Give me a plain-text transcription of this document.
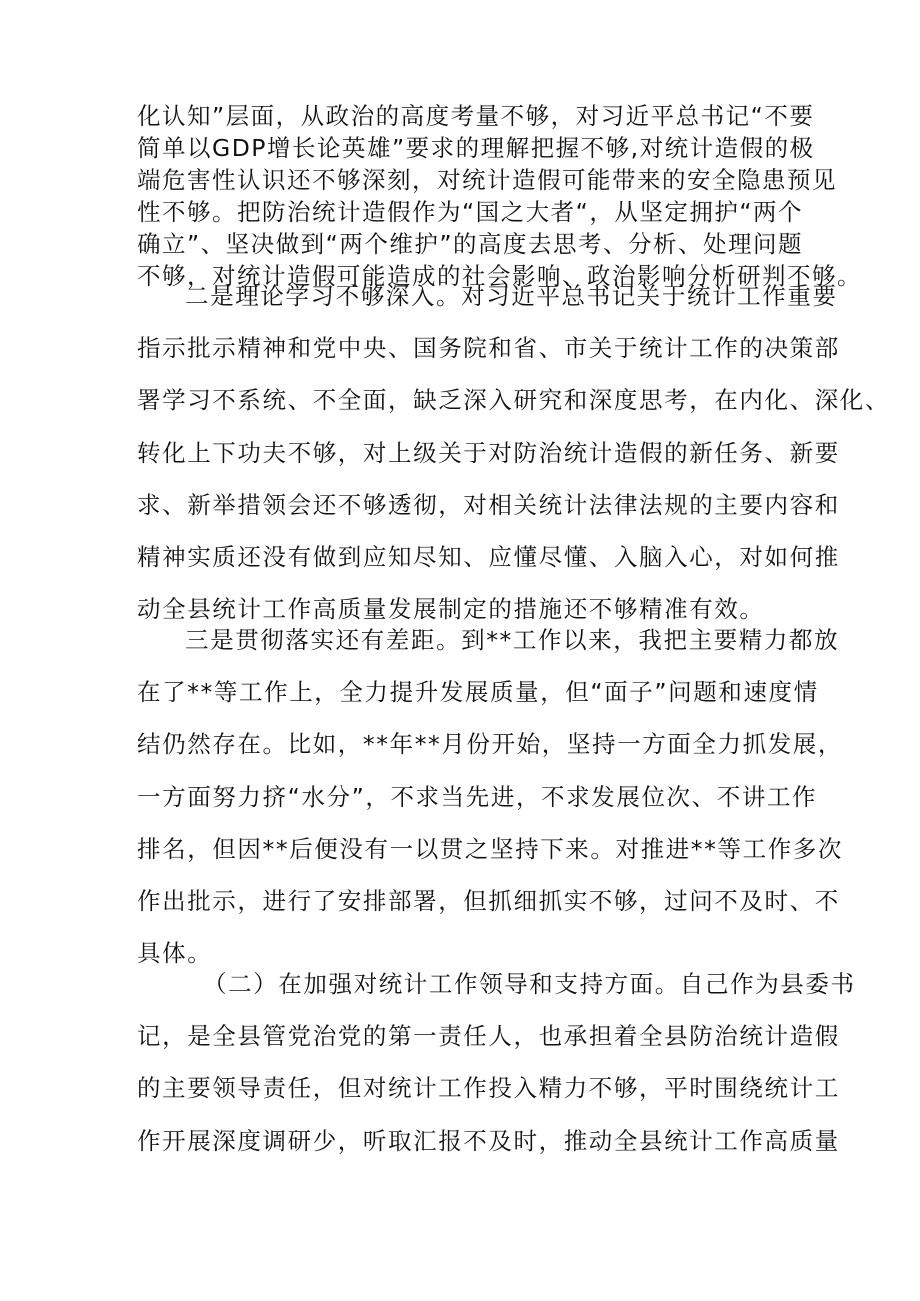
化认知”层面，从政治的高度考量不够，对习近平总书记“不要
简单以GDP增长论英雄”要求的理解把握不够,对统计造假的极
端危害性认识还不够深刻，对统计造假可能带来的安全隐患预见
性不够。把防治统计造假作为“国之大者“，从坚定拥护“两个
确立”、坚决做到“两个维护”的高度去思考、分析、处理问题
不够，对统计造假可能造成的社会影响、政治影响分析研判不够。
二是理论学习不够深入。对习近平总书记关于统计工作重要
指示批示精神和党中央、国务院和省、市关于统计工作的决策部
署学习不系统、不全面，缺乏深入研究和深度思考，在内化、深化、
转化上下功夫不够，对上级关于对防治统计造假的新任务、新要
求、新举措领会还不够透彻，对相关统计法律法规的主要内容和
精神实质还没有做到应知尽知、应懂尽懂、入脑入心，对如何推
动全县统计工作高质量发展制定的措施还不够精准有效。
三是贯彻落实还有差距。到**工作以来，我把主要精力都放
在了**等工作上，全力提升发展质量，但“面子”问题和速度情
结仍然存在。比如，**年**月份开始，坚持一方面全力抓发展，
一方面努力挤“水分”，不求当先进，不求发展位次、不讲工作
排名，但因**后便没有一以贯之坚持下来。对推进**等工作多次
作出批示，进行了安排部署，但抓细抓实不够，过问不及时、不
具体。
（二）在加强对统计工作领导和支持方面。自己作为县委书
记，是全县管党治党的第一责任人，也承担着全县防治统计造假
的主要领导责任，但对统计工作投入精力不够，平时围绕统计工
作开展深度调研少，听取汇报不及时，推动全县统计工作高质量
